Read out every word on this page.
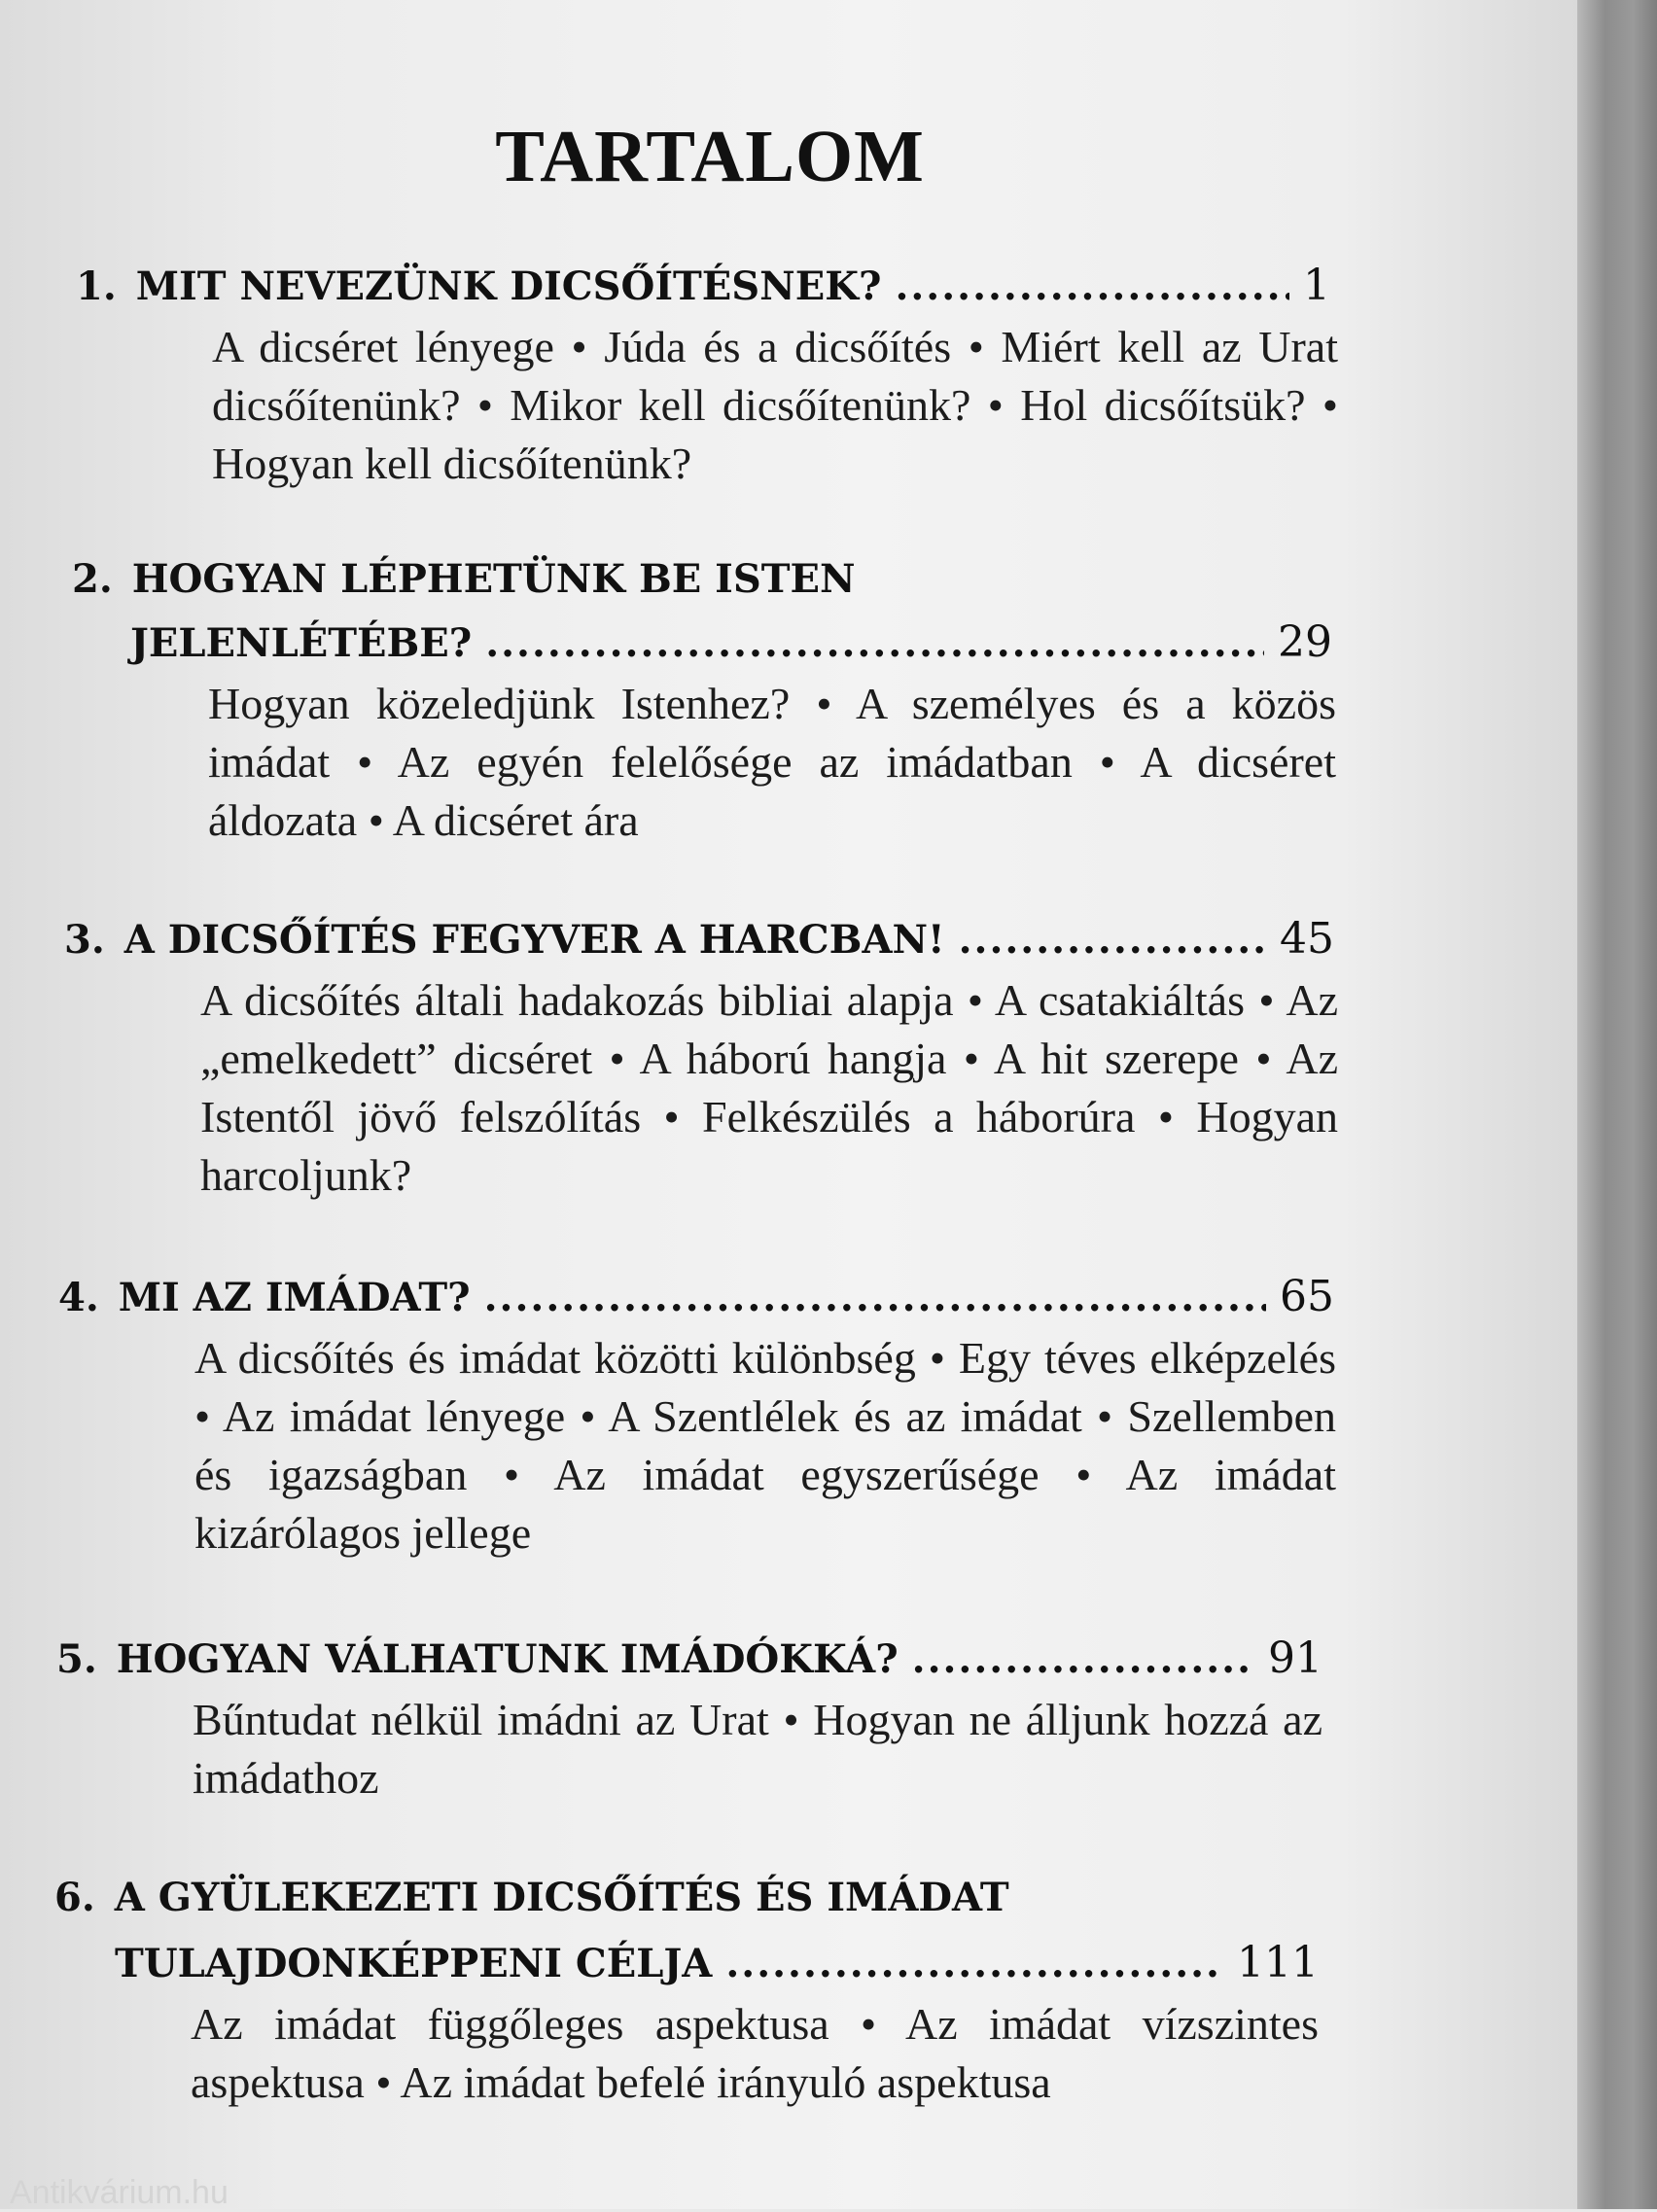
TARTALOM
1. MIT NEVEZÜNK DICSŐÍTÉSNEK? .....	1
A dicséret lényege • Júda és a dicsőítés • Miért kell az Urat dicsőítenünk? • Mikor kell dicsőítenünk? • Hol dicsőítsük? • Hogyan kell dicsőítenünk?
2. HOGYAN LÉPHETÜNK BE ISTEN
JELENLÉTÉBE? .....	29
Hogyan közeledjünk Istenhez? • A személyes és a közös imádat • Az egyén felelősége az imádatban • A dicséret áldozata • A dicséret ára
3. A DICSŐÍTÉS FEGYVER A HARCBAN! .....	45
A dicsőítés általi hadakozás bibliai alapja • A csatakiáltás • Az „emelkedett” dicséret • A háború hangja • A hit szerepe • Az Istentől jövő felszólítás • Felkészülés a háborúra • Hogyan harcoljunk?
4. MI AZ IMÁDAT? .....	65
A dicsőítés és imádat közötti különbség • Egy téves elképzelés • Az imádat lényege • A Szentlélek és az imádat • Szellemben és igazságban • Az imádat egyszerűsége • Az imádat kizárólagos jellege
5. HOGYAN VÁLHATUNK IMÁDÓKKÁ? .....	91
Bűntudat nélkül imádni az Urat • Hogyan ne álljunk hozzá az imádathoz
6. A GYÜLEKEZETI DICSŐÍTÉS ÉS IMÁDAT
TULAJDONKÉPPENI CÉLJA .....	111
Az imádat függőleges aspektusa • Az imádat vízszintes aspektusa • Az imádat befelé irányuló aspektusa
Antikvárium.hu
